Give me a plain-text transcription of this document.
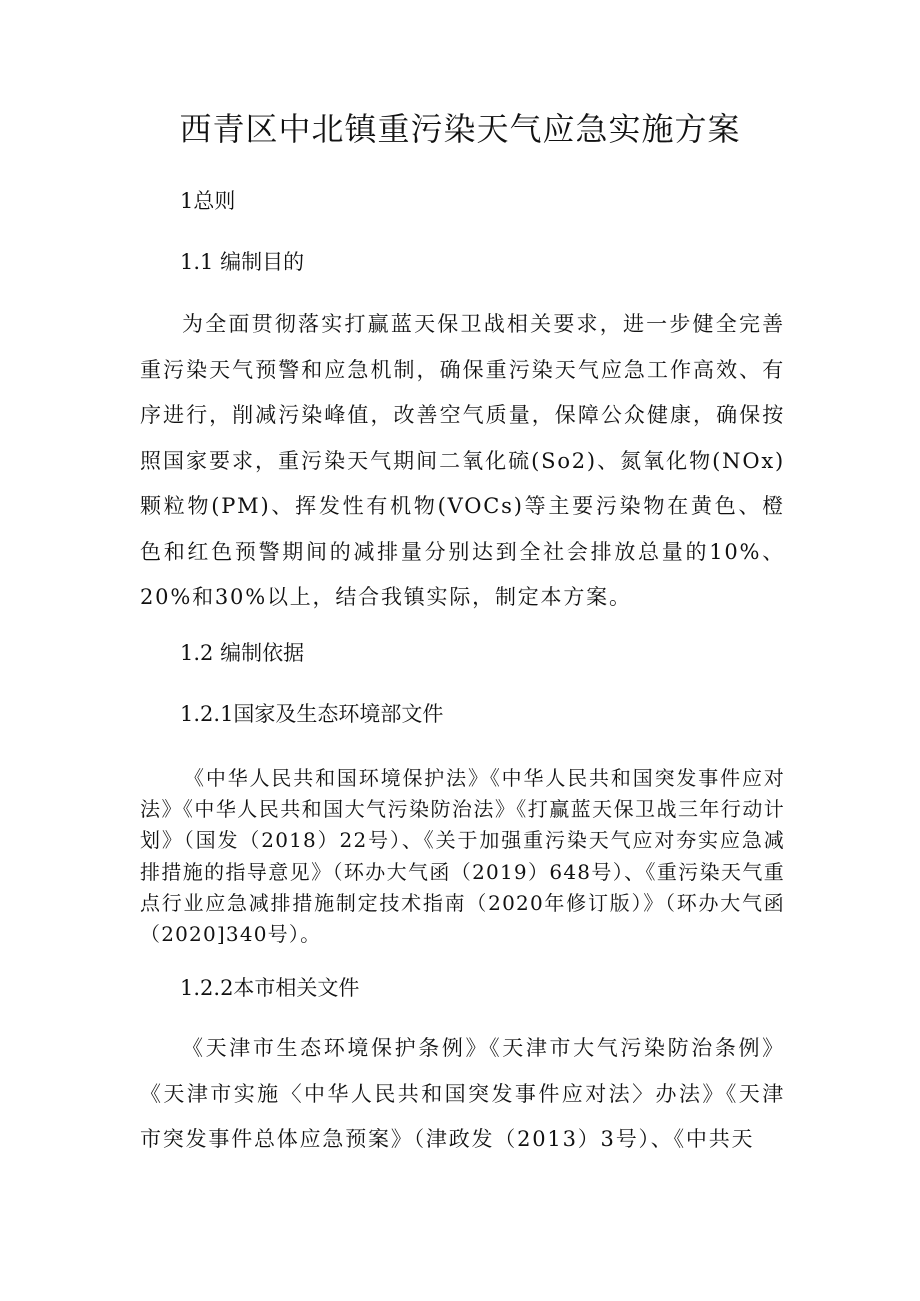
西青区中北镇重污染天气应急实施方案

1总则

1.1 编制目的

为全面贯彻落实打赢蓝天保卫战相关要求，进一步健全完善重污染天气预警和应急机制，确保重污染天气应急工作高效、有序进行，削减污染峰值，改善空气质量，保障公众健康，确保按照国家要求，重污染天气期间二氧化硫(So2)、氮氧化物(NOx)颗粒物(PM)、挥发性有机物(VOCs)等主要污染物在黄色、橙色和红色预警期间的减排量分别达到全社会排放总量的10%、20%和30%以上，结合我镇实际，制定本方案。

1.2 编制依据

1.2.1国家及生态环境部文件

《中华人民共和国环境保护法》《中华人民共和国突发事件应对法》《中华人民共和国大气污染防治法》《打赢蓝天保卫战三年行动计划》（国发（2018）22号）、《关于加强重污染天气应对夯实应急减排措施的指导意见》（环办大气函（2019）648号）、《重污染天气重点行业应急减排措施制定技术指南（2020年修订版）》（环办大气函（2020]340号）。

1.2.2本市相关文件

《天津市生态环境保护条例》《天津市大气污染防治条例》《天津市实施〈中华人民共和国突发事件应对法〉办法》《天津市突发事件总体应急预案》（津政发（2013）3号）、《中共天
